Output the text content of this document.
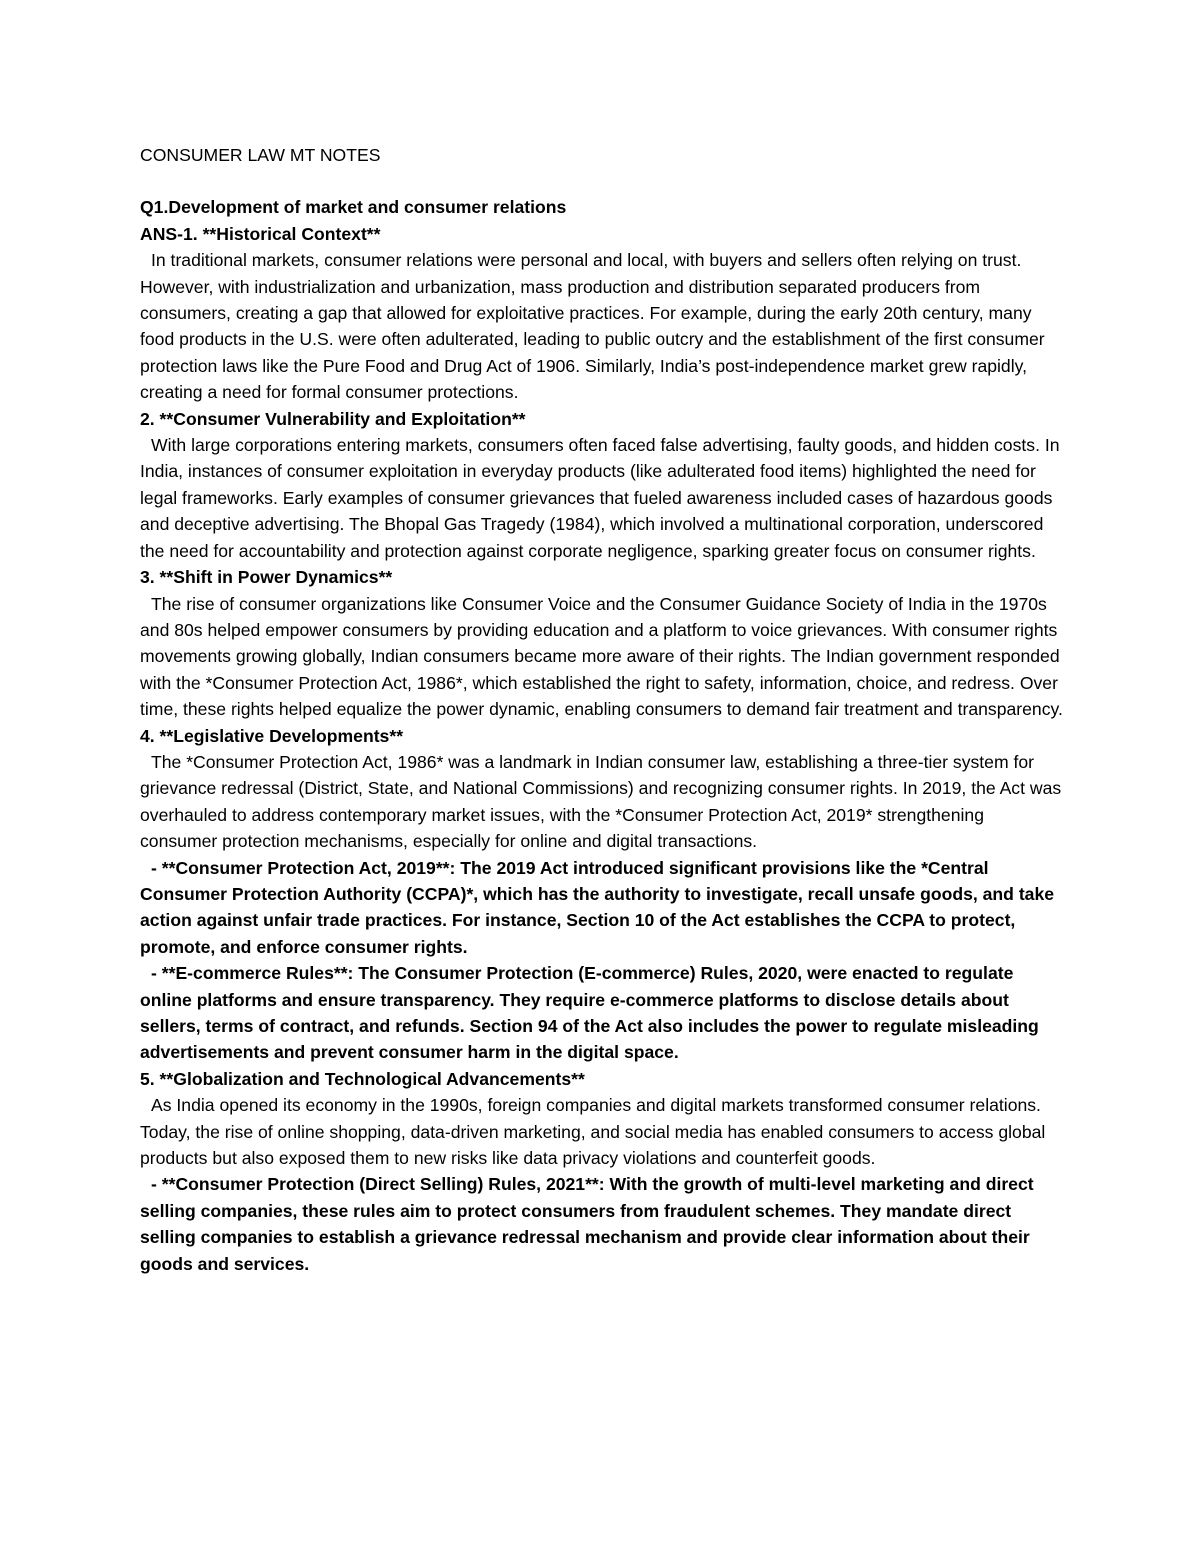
CONSUMER LAW MT NOTES

Q1.Development of market and consumer relations

ANS-1. **Historical Context**

In traditional markets, consumer relations were personal and local, with buyers and sellers often relying on trust. However, with industrialization and urbanization, mass production and distribution separated producers from consumers, creating a gap that allowed for exploitative practices. For example, during the early 20th century, many food products in the U.S. were often adulterated, leading to public outcry and the establishment of the first consumer protection laws like the Pure Food and Drug Act of 1906. Similarly, India’s post-independence market grew rapidly, creating a need for formal consumer protections.

2. **Consumer Vulnerability and Exploitation**

With large corporations entering markets, consumers often faced false advertising, faulty goods, and hidden costs. In India, instances of consumer exploitation in everyday products (like adulterated food items) highlighted the need for legal frameworks. Early examples of consumer grievances that fueled awareness included cases of hazardous goods and deceptive advertising. The Bhopal Gas Tragedy (1984), which involved a multinational corporation, underscored the need for accountability and protection against corporate negligence, sparking greater focus on consumer rights.

3. **Shift in Power Dynamics**

The rise of consumer organizations like Consumer Voice and the Consumer Guidance Society of India in the 1970s and 80s helped empower consumers by providing education and a platform to voice grievances. With consumer rights movements growing globally, Indian consumers became more aware of their rights. The Indian government responded with the *Consumer Protection Act, 1986*, which established the right to safety, information, choice, and redress. Over time, these rights helped equalize the power dynamic, enabling consumers to demand fair treatment and transparency.

4. **Legislative Developments**

The *Consumer Protection Act, 1986* was a landmark in Indian consumer law, establishing a three-tier system for grievance redressal (District, State, and National Commissions) and recognizing consumer rights. In 2019, the Act was overhauled to address contemporary market issues, with the *Consumer Protection Act, 2019* strengthening consumer protection mechanisms, especially for online and digital transactions.

- **Consumer Protection Act, 2019**: The 2019 Act introduced significant provisions like the *Central Consumer Protection Authority (CCPA)*, which has the authority to investigate, recall unsafe goods, and take action against unfair trade practices. For instance, Section 10 of the Act establishes the CCPA to protect, promote, and enforce consumer rights.

- **E-commerce Rules**: The Consumer Protection (E-commerce) Rules, 2020, were enacted to regulate online platforms and ensure transparency. They require e-commerce platforms to disclose details about sellers, terms of contract, and refunds. Section 94 of the Act also includes the power to regulate misleading advertisements and prevent consumer harm in the digital space.

5. **Globalization and Technological Advancements**

As India opened its economy in the 1990s, foreign companies and digital markets transformed consumer relations. Today, the rise of online shopping, data-driven marketing, and social media has enabled consumers to access global products but also exposed them to new risks like data privacy violations and counterfeit goods.

- **Consumer Protection (Direct Selling) Rules, 2021**: With the growth of multi-level marketing and direct selling companies, these rules aim to protect consumers from fraudulent schemes. They mandate direct selling companies to establish a grievance redressal mechanism and provide clear information about their goods and services.
